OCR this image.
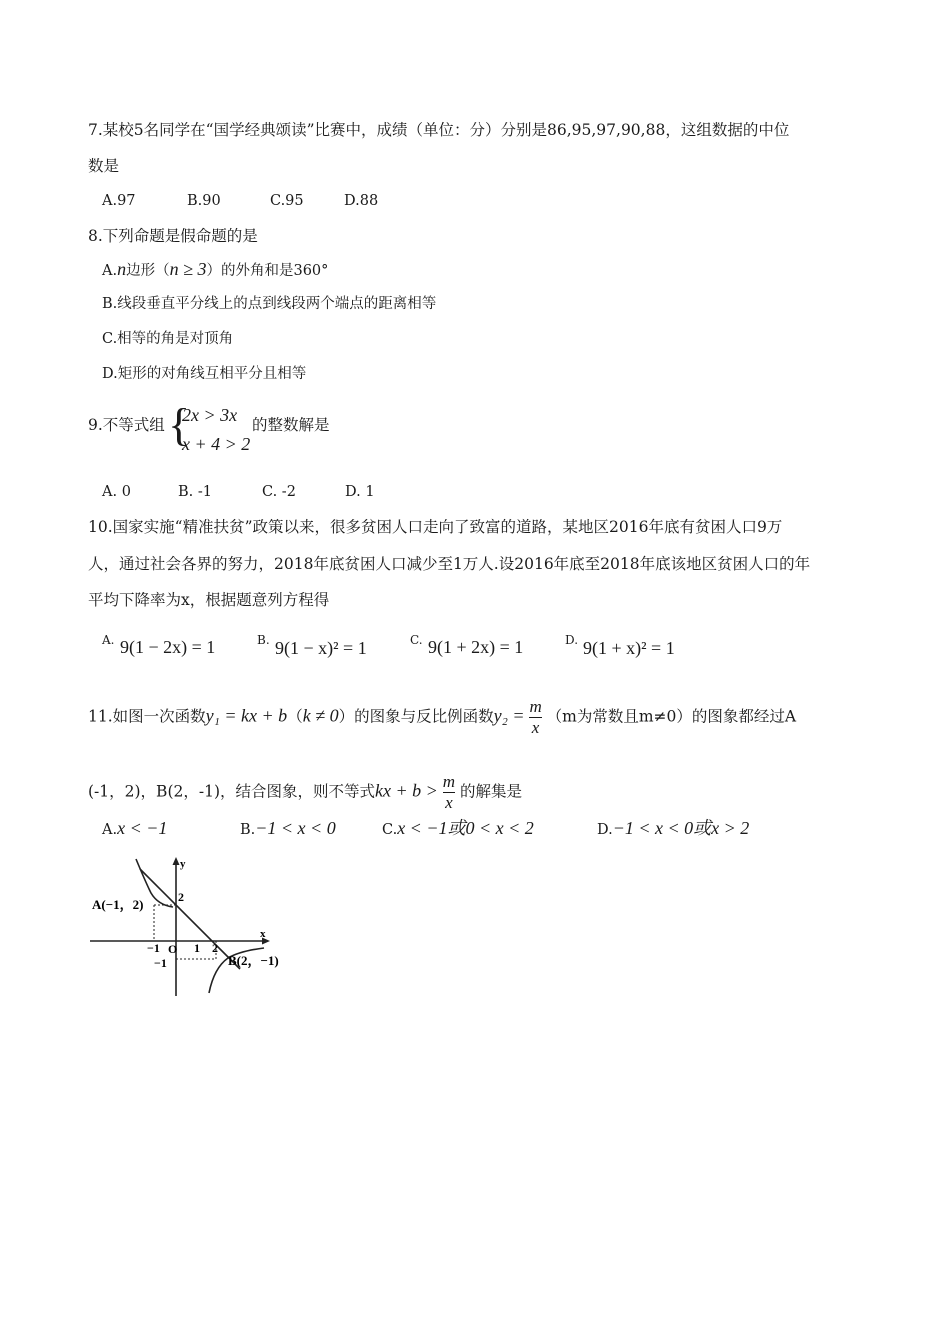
7.某校5名同学在“国学经典颂读”比赛中，成绩（单位：分）分别是86,95,97,90,88，这组数据的中位
数是
A.97	B.90	C.95	D.88
8.下列命题是假命题的是
A.n边形（n ≥ 3）的外角和是360°
B.线段垂直平分线上的点到线段两个端点的距离相等
C.相等的角是对顶角
D.矩形的对角线互相平分且相等
9.不等式组 {
2x > 3x
x + 4 > 2
的整数解是
A. 0	B. -1	C. -2	D. 1
10.国家实施“精准扶贫”政策以来，很多贫困人口走向了致富的道路，某地区2016年底有贫困人口9万
人，通过社会各界的努力，2018年底贫困人口减少至1万人.设2016年底至2018年底该地区贫困人口的年
平均下降率为x，根据题意列方程得
A. 9(1 − 2x) = 1	B. 9(1 − x)² = 1	C. 9(1 + 2x) = 1	D. 9(1 + x)² = 1
11.如图一次函数y₁ = kx + b（k ≠ 0）的图象与反比例函数$y_2 = \frac{m}{x} (m$为常数且m≠0）的图象都经过A
(-1，2)，B(2，-1)，结合图象，则不等式kx + $b > \frac{m}{x}$ 的解集是
A.x < −1	B.−1 < x < 0	C.x < −1或0 < x < 2	D.−1 < x < 0或x > 2
A(−1，2)
B(2，−1)
x
y
O
2
−1	1 2
−1
